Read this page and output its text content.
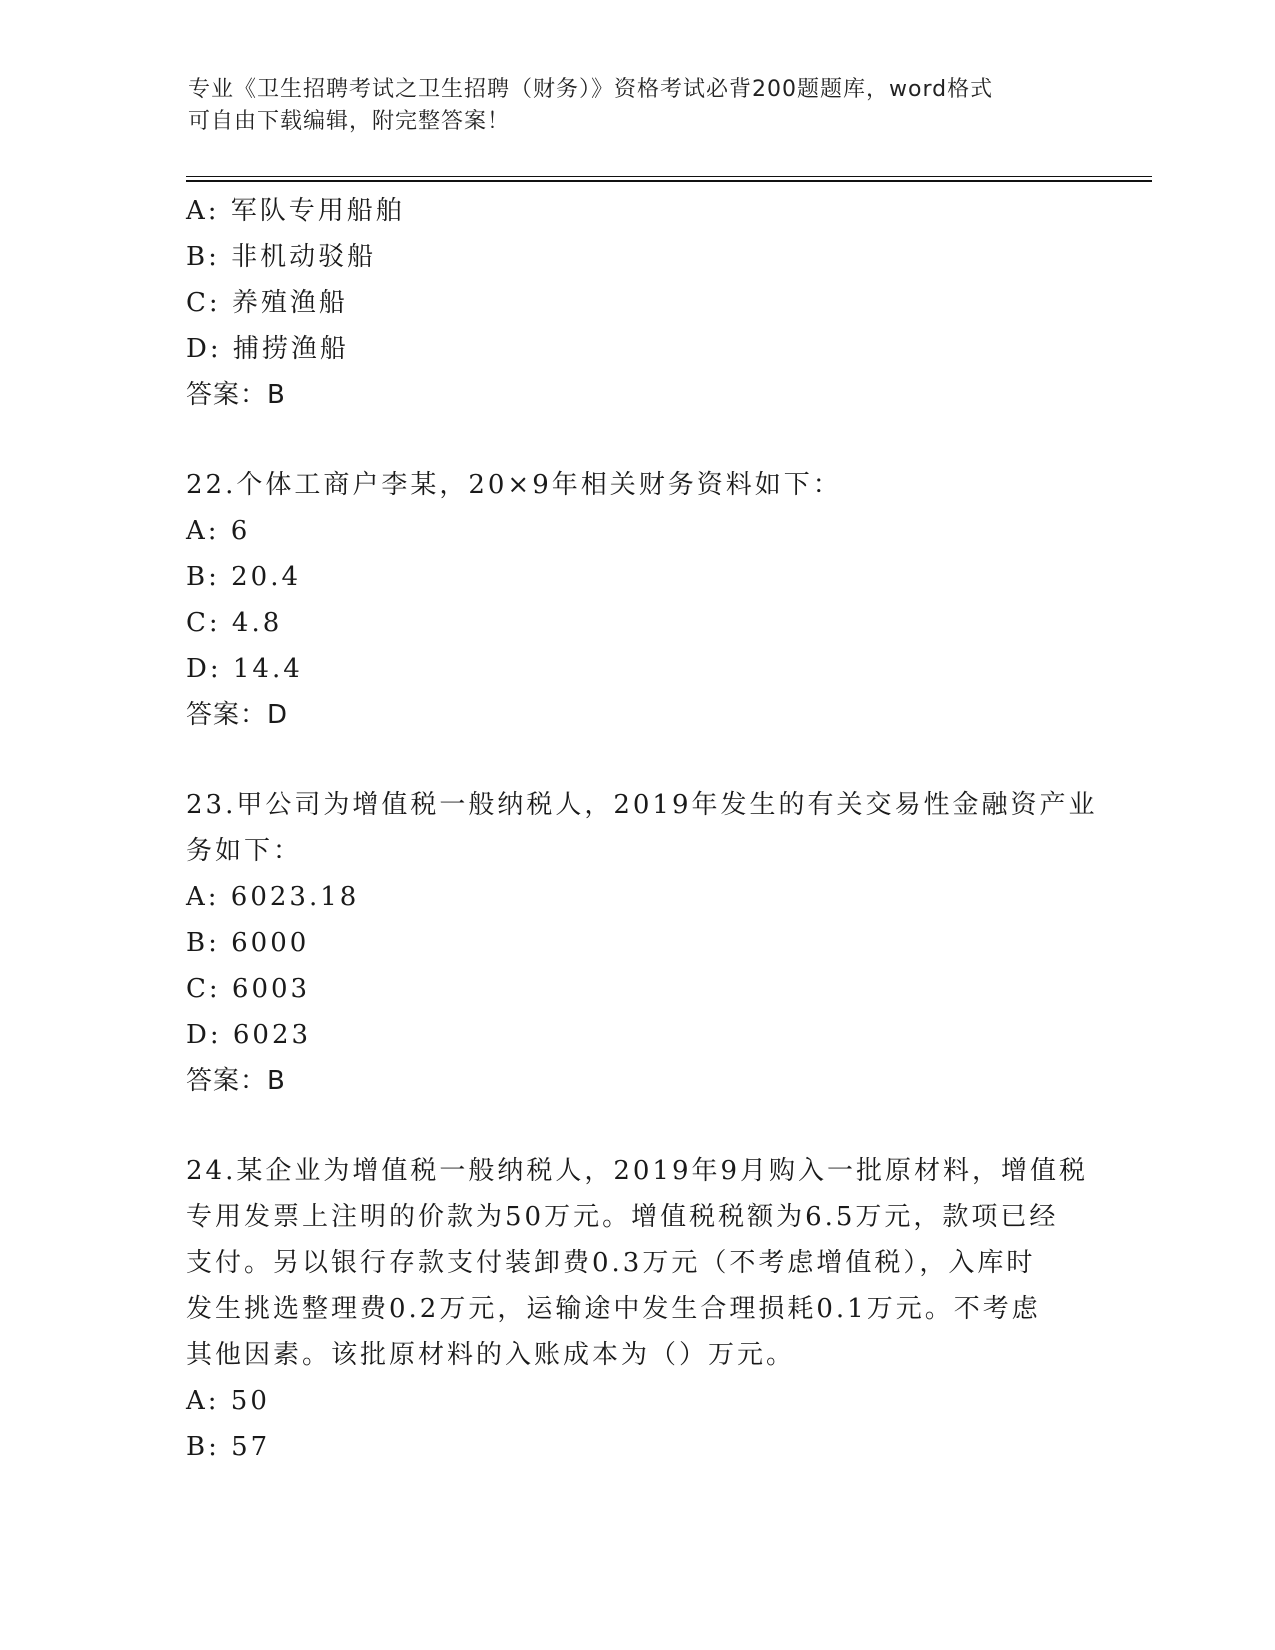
专业《卫生招聘考试之卫生招聘（财务）》资格考试必背200题题库，word格式
可自由下载编辑，附完整答案！
A: 军队专用船舶
B: 非机动驳船
C: 养殖渔船
D: 捕捞渔船
答案：B
22.个体工商户李某，20×9年相关财务资料如下：
A: 6
B: 20.4
C: 4.8
D: 14.4
答案：D
23.甲公司为增值税一般纳税人，2019年发生的有关交易性金融资产业
务如下：
A: 6023.18
B: 6000
C: 6003
D: 6023
答案：B
24.某企业为增值税一般纳税人，2019年9月购入一批原材料，增值税
专用发票上注明的价款为50万元。增值税税额为6.5万元，款项已经
支付。另以银行存款支付装卸费0.3万元（不考虑增值税），入库时
发生挑选整理费0.2万元，运输途中发生合理损耗0.1万元。不考虑
其他因素。该批原材料的入账成本为（）万元。
A: 50
B: 57
